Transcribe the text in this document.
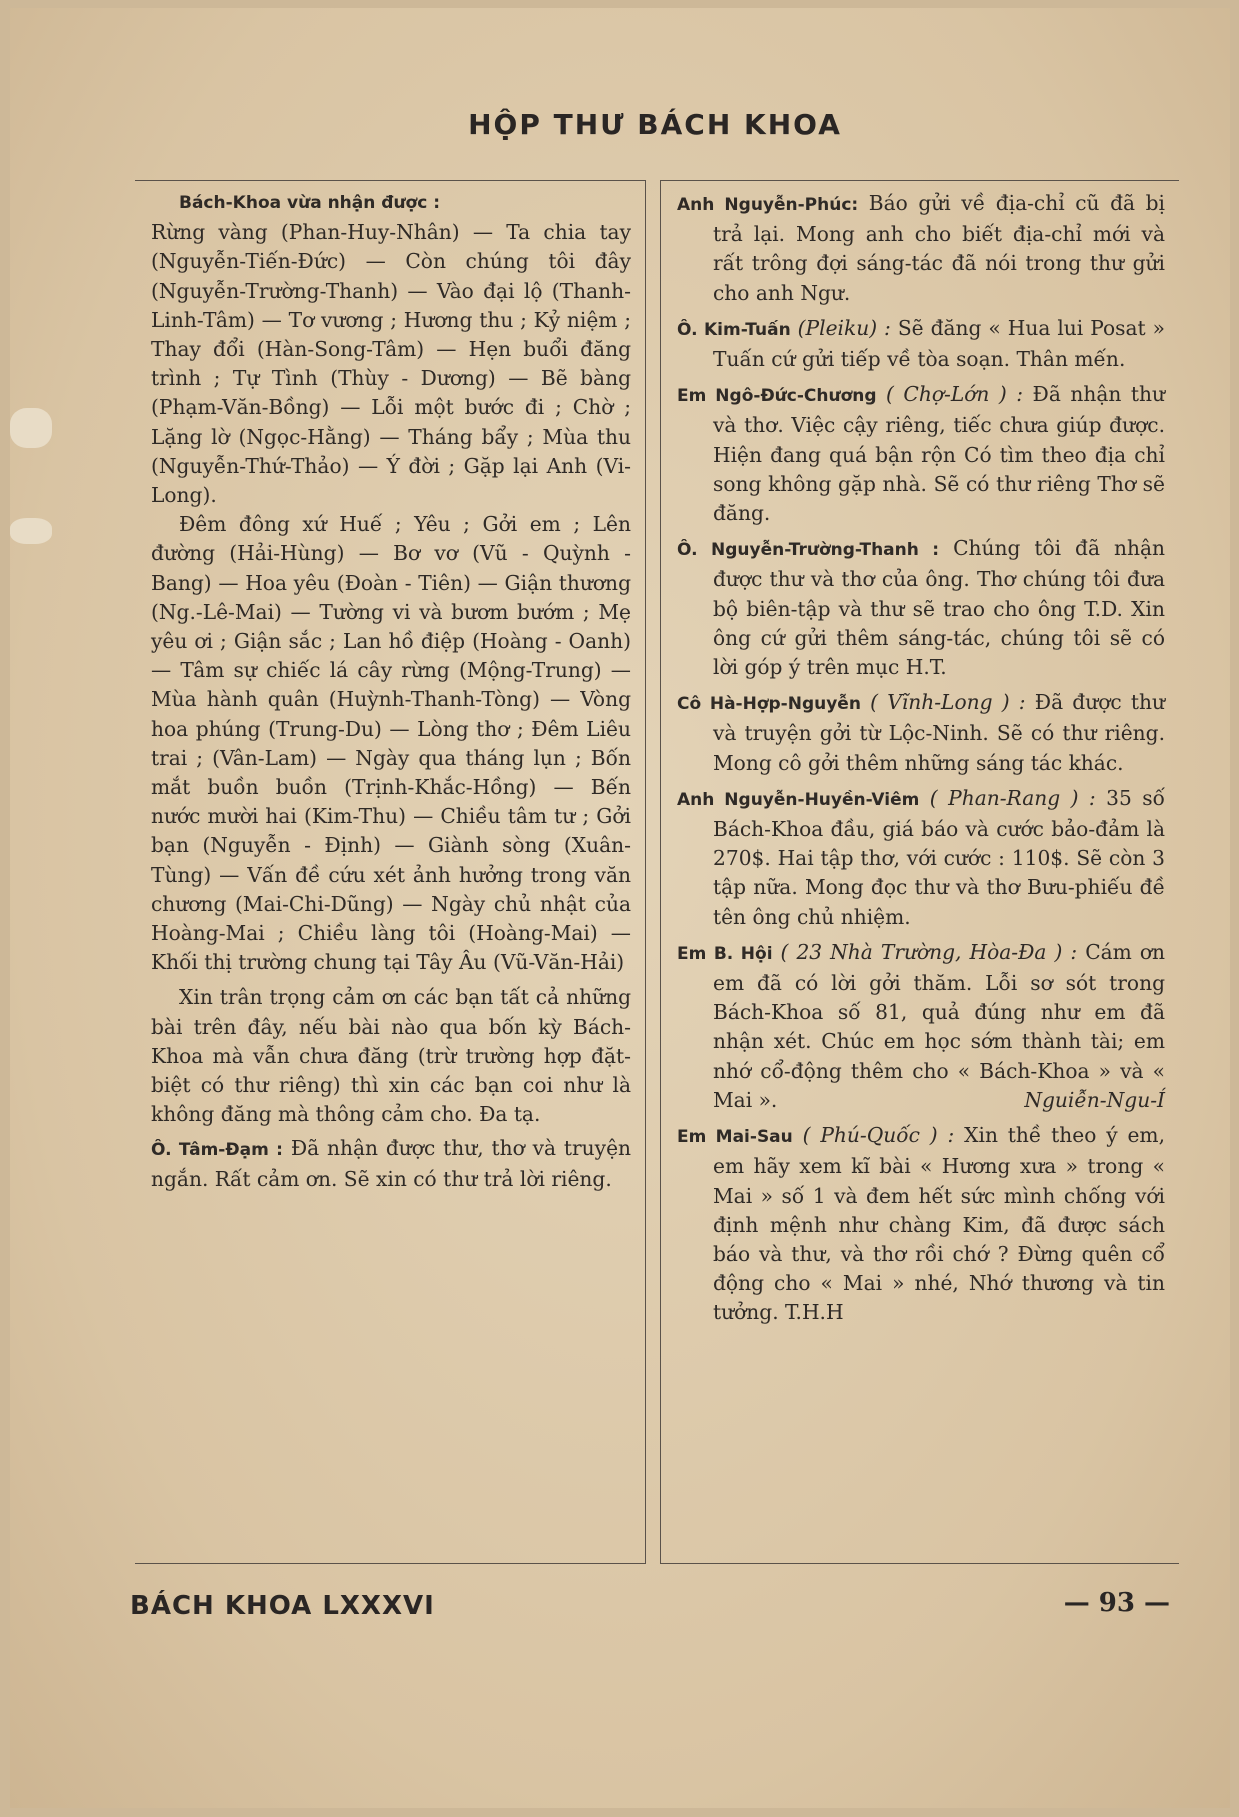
HỘP THƯ BÁCH KHOA

Bách-Khoa vừa nhận được :

Rừng vàng (Phan-Huy-Nhân) — Ta chia tay (Nguyễn-Tiến-Đức) — Còn chúng tôi đây (Nguyễn-Trường-Thanh) — Vào đại lộ (Thanh-Linh-Tâm) — Tơ vương ; Hương thu ; Kỷ niệm ; Thay đổi (Hàn-Song-Tâm) — Hẹn buổi đăng trình ; Tự Tình (Thùy - Dương) — Bẽ bàng (Phạm-Văn-Bồng) — Lỗi một bước đi ; Chờ ; Lặng lờ (Ngọc-Hằng) — Tháng bẩy ; Mùa thu (Nguyễn-Thứ-Thảo) — Ý đời ; Gặp lại Anh (Vi-Long).

Đêm đông xứ Huế ; Yêu ; Gởi em ; Lên đường (Hải-Hùng) — Bơ vơ (Vũ - Quỳnh - Bang) — Hoa yêu (Đoàn - Tiên) — Giận thương (Ng.-Lê-Mai) — Tường vi và bươm bướm ; Mẹ yêu ơi ; Giận sắc ; Lan hồ điệp (Hoàng - Oanh) — Tâm sự chiếc lá cây rừng (Mộng-Trung) — Mùa hành quân (Huỳnh-Thanh-Tòng) — Vòng hoa phúng (Trung-Du) — Lòng thơ ; Đêm Liêu trai ; (Vân-Lam) — Ngày qua tháng lụn ; Bốn mắt buồn buồn (Trịnh-Khắc-Hồng) — Bến nước mười hai (Kim-Thu) — Chiều tâm tư ; Gởi bạn (Nguyễn - Định) — Giành sòng (Xuân-Tùng) — Vấn đề cứu xét ảnh hưởng trong văn chương (Mai-Chi-Dũng) — Ngày chủ nhật của Hoàng-Mai ; Chiều làng tôi (Hoàng-Mai) — Khối thị trường chung tại Tây Âu (Vũ-Văn-Hải)

Xin trân trọng cảm ơn các bạn tất cả những bài trên đây, nếu bài nào qua bốn kỳ Bách-Khoa mà vẫn chưa đăng (trừ trường hợp đặt-biệt có thư riêng) thì xin các bạn coi như là không đăng mà thông cảm cho. Đa tạ.

Ô. Tâm-Đạm : Đã nhận được thư, thơ và truyện ngắn. Rất cảm ơn. Sẽ xin có thư trả lời riêng.

Anh Nguyễn-Phúc: Báo gửi về địa-chỉ cũ đã bị trả lại. Mong anh cho biết địa-chỉ mới và rất trông đợi sáng-tác đã nói trong thư gửi cho anh Ngư.

Ô. Kim-Tuấn (Pleiku) : Sẽ đăng « Hua lui Posat » Tuấn cứ gửi tiếp về tòa soạn. Thân mến.

Em Ngô-Đức-Chương ( Chợ-Lớn ) : Đã nhận thư và thơ. Việc cậy riêng, tiếc chưa giúp được. Hiện đang quá bận rộn Có tìm theo địa chỉ song không gặp nhà. Sẽ có thư riêng Thơ sẽ đăng.

Ô. Nguyễn-Trường-Thanh : Chúng tôi đã nhận được thư và thơ của ông. Thơ chúng tôi đưa bộ biên-tập và thư sẽ trao cho ông T.D. Xin ông cứ gửi thêm sáng-tác, chúng tôi sẽ có lời góp ý trên mục H.T.

Cô Hà-Hợp-Nguyễn ( Vĩnh-Long ) : Đã được thư và truyện gởi từ Lộc-Ninh. Sẽ có thư riêng. Mong cô gởi thêm những sáng tác khác.

Anh Nguyễn-Huyền-Viêm ( Phan-Rang ) : 35 số Bách-Khoa đầu, giá báo và cước bảo-đảm là 270$. Hai tập thơ, với cước : 110$. Sẽ còn 3 tập nữa. Mong đọc thư và thơ Bưu-phiếu đề tên ông chủ nhiệm.

Em B. Hội ( 23 Nhà Trường, Hòa-Đa ) : Cám ơn em đã có lời gởi thăm. Lỗi sơ sót trong Bách-Khoa số 81, quả đúng như em đã nhận xét. Chúc em học sớm thành tài; em nhớ cổ-động thêm cho « Bách-Khoa » và « Mai ».	Nguiễn-Ngu-Í

Em Mai-Sau ( Phú-Quốc ) : Xin thề theo ý em, em hãy xem kĩ bài « Hương xưa » trong « Mai » số 1 và đem hết sức mình chống với định mệnh như chàng Kim, đã được sách báo và thư, và thơ rồi chớ ? Đừng quên cổ động cho « Mai » nhé, Nhớ thương và tin tưởng. T.H.H

BÁCH KHOA LXXXVI	— 93 —
